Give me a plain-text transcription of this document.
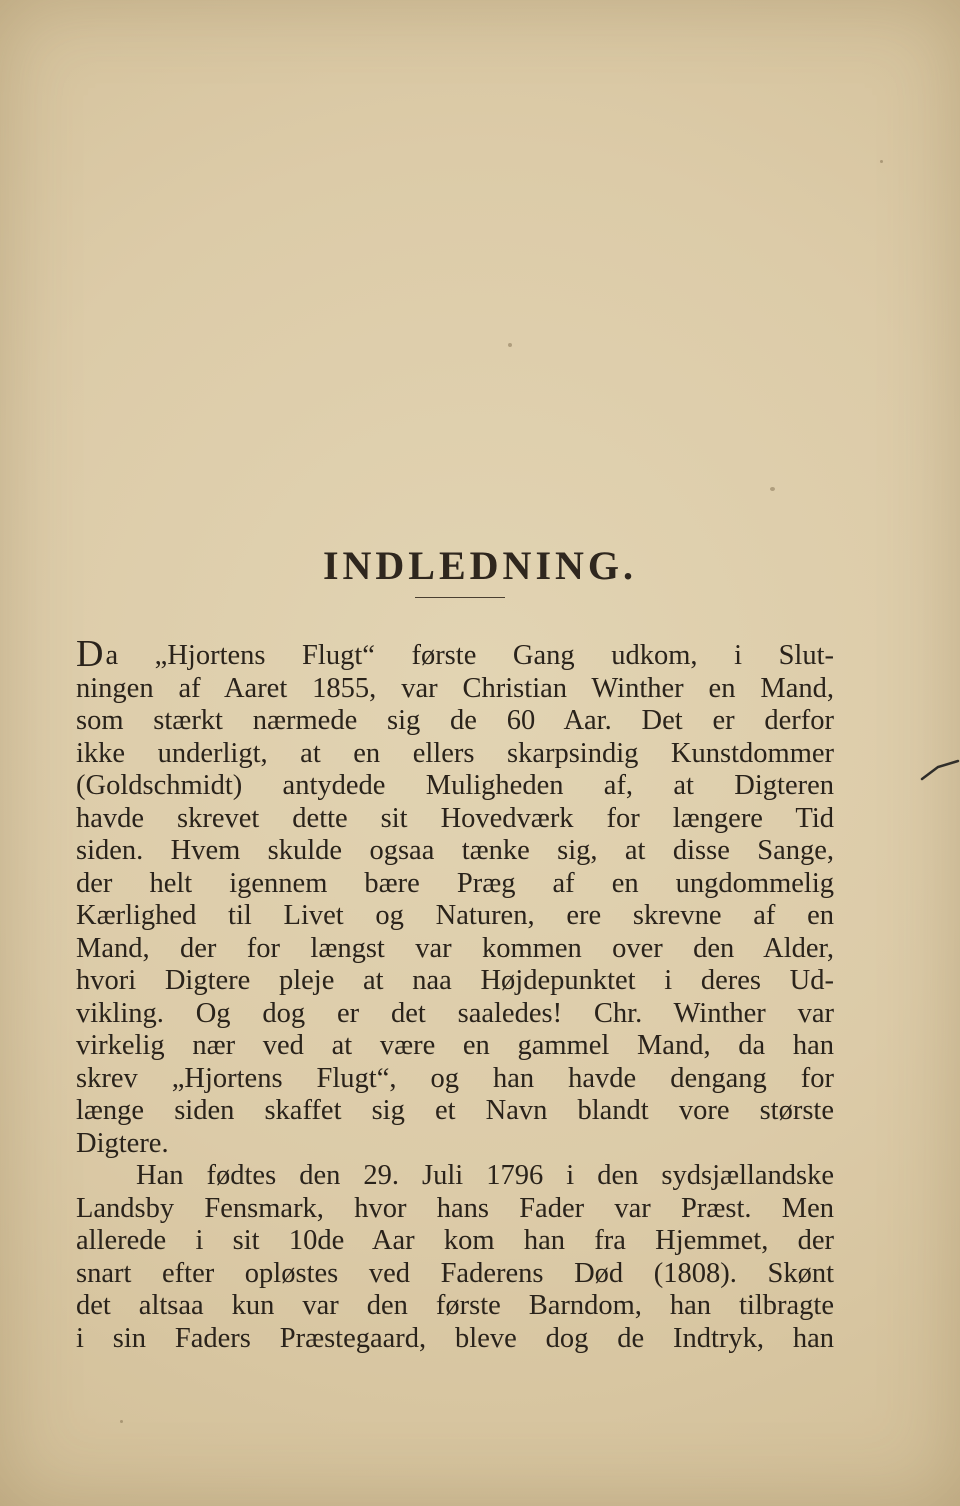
INDLEDNING.
Da „Hjortens Flugt“ første Gang udkom, i Slut-
ningen af Aaret 1855, var Christian Winther en Mand,
som stærkt nærmede sig de 60 Aar. Det er derfor
ikke underligt, at en ellers skarpsindig Kunstdommer
(Goldschmidt) antydede Muligheden af, at Digteren
havde skrevet dette sit Hovedværk for længere Tid
siden. Hvem skulde ogsaa tænke sig, at disse Sange,
der helt igennem bære Præg af en ungdommelig
Kærlighed til Livet og Naturen, ere skrevne af en
Mand, der for længst var kommen over den Alder,
hvori Digtere pleje at naa Højdepunktet i deres Ud-
vikling. Og dog er det saaledes! Chr. Winther var
virkelig nær ved at være en gammel Mand, da han
skrev „Hjortens Flugt“, og han havde dengang for
længe siden skaffet sig et Navn blandt vore største
Digtere.
Han fødtes den 29. Juli 1796 i den sydsjællandske
Landsby Fensmark, hvor hans Fader var Præst. Men
allerede i sit 10de Aar kom han fra Hjemmet, der
snart efter opløstes ved Faderens Død (1808). Skønt
det altsaa kun var den første Barndom, han tilbragte
i sin Faders Præstegaard, bleve dog de Indtryk, han
